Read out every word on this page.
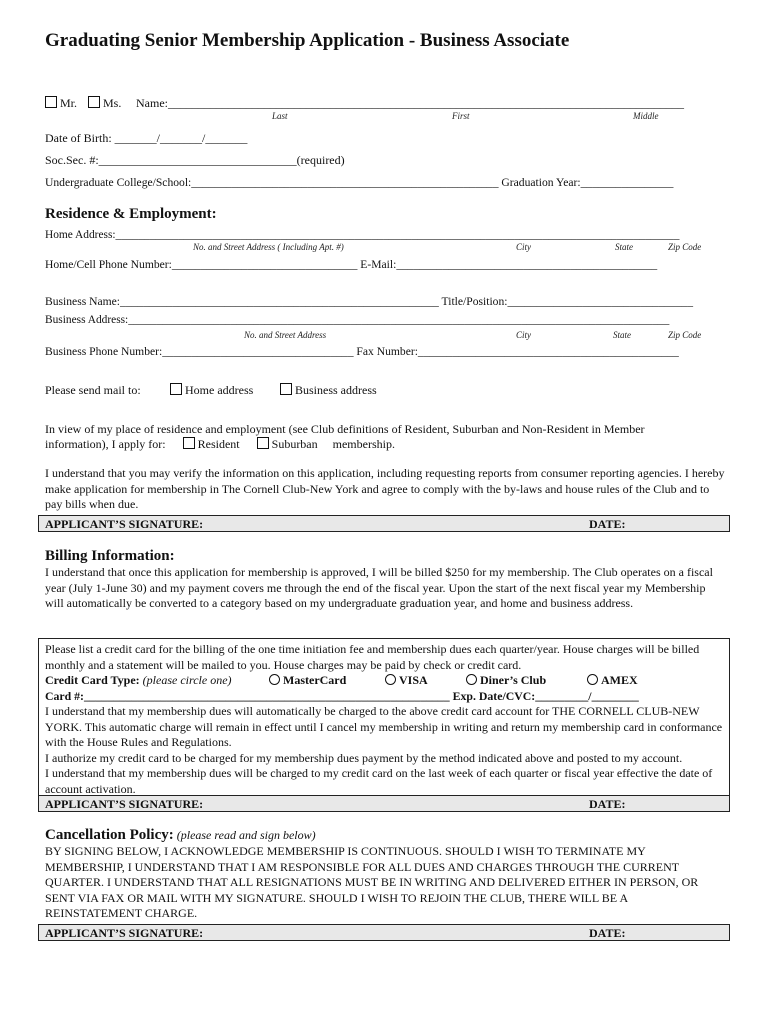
Graduating Senior Membership Application - Business Associate
Mr. Ms. Name:______________________________________________________________________________________
Last	First	Middle
Date of Birth: _______/_______/_______
Soc.Sec. #:_________________________________(required)
Undergraduate College/School:_____________________________________________________ Graduation Year:________________
Residence & Employment:
Home Address:___________________________________________________________________________________________________
No. and Street Address ( Including Apt. #)	City	State	Zip Code
Home/Cell Phone Number:________________________________ E-Mail:_____________________________________________
Business Name:_______________________________________________________ Title/Position:________________________________
Business Address:_______________________________________________________________________________________________
No. and Street Address	City	State	Zip Code
Business Phone Number:_________________________________ Fax Number:_____________________________________________
Please send mail to:	Home address	Business address
In view of my place of residence and employment (see Club definitions of Resident, Suburban and Non-Resident in Member
information), I apply for:	Resident	Suburban membership.
I understand that you may verify the information on this application, including requesting reports from consumer reporting agencies. I hereby make application for membership in The Cornell Club-New York and agree to comply with the by-laws and house rules of the Club and to pay bills when due.
APPLICANT’S SIGNATURE:	DATE:
Billing Information:
I understand that once this application for membership is approved, I will be billed $250 for my membership. The Club operates on a fiscal year (July 1-June 30) and my payment covers me through the end of the fiscal year. Upon the start of the next fiscal year my Membership will automatically be converted to a category based on my undergraduate graduation year, and home and business address.
Please list a credit card for the billing of the one time initiation fee and membership dues each quarter/year. House charges will be billed monthly and a statement will be mailed to you. House charges may be paid by check or credit card.
Credit Card Type: (please circle one)	MasterCard	VISA	Diner’s Club	AMEX
Card #:______________________________________________________________ Exp. Date/CVC:_________/________
I understand that my membership dues will automatically be charged to the above credit card account for THE CORNELL CLUB-NEW YORK. This automatic charge will remain in effect until I cancel my membership in writing and return my membership card in conformance with the House Rules and Regulations.
I authorize my credit card to be charged for my membership dues payment by the method indicated above and posted to my account.
I understand that my membership dues will be charged to my credit card on the last week of each quarter or fiscal year effective the date of account activation.
APPLICANT’S SIGNATURE:	DATE:
Cancellation Policy: (please read and sign below)
BY SIGNING BELOW, I ACKNOWLEDGE MEMBERSHIP IS CONTINUOUS. SHOULD I WISH TO TERMINATE MY MEMBERSHIP, I UNDERSTAND THAT I AM RESPONSIBLE FOR ALL DUES AND CHARGES THROUGH THE CURRENT QUARTER. I UNDERSTAND THAT ALL RESIGNATIONS MUST BE IN WRITING AND DELIVERED EITHER IN PERSON, OR SENT VIA FAX OR MAIL WITH MY SIGNATURE. SHOULD I WISH TO REJOIN THE CLUB, THERE WILL BE A REINSTATEMENT CHARGE.
APPLICANT’S SIGNATURE:	DATE:
